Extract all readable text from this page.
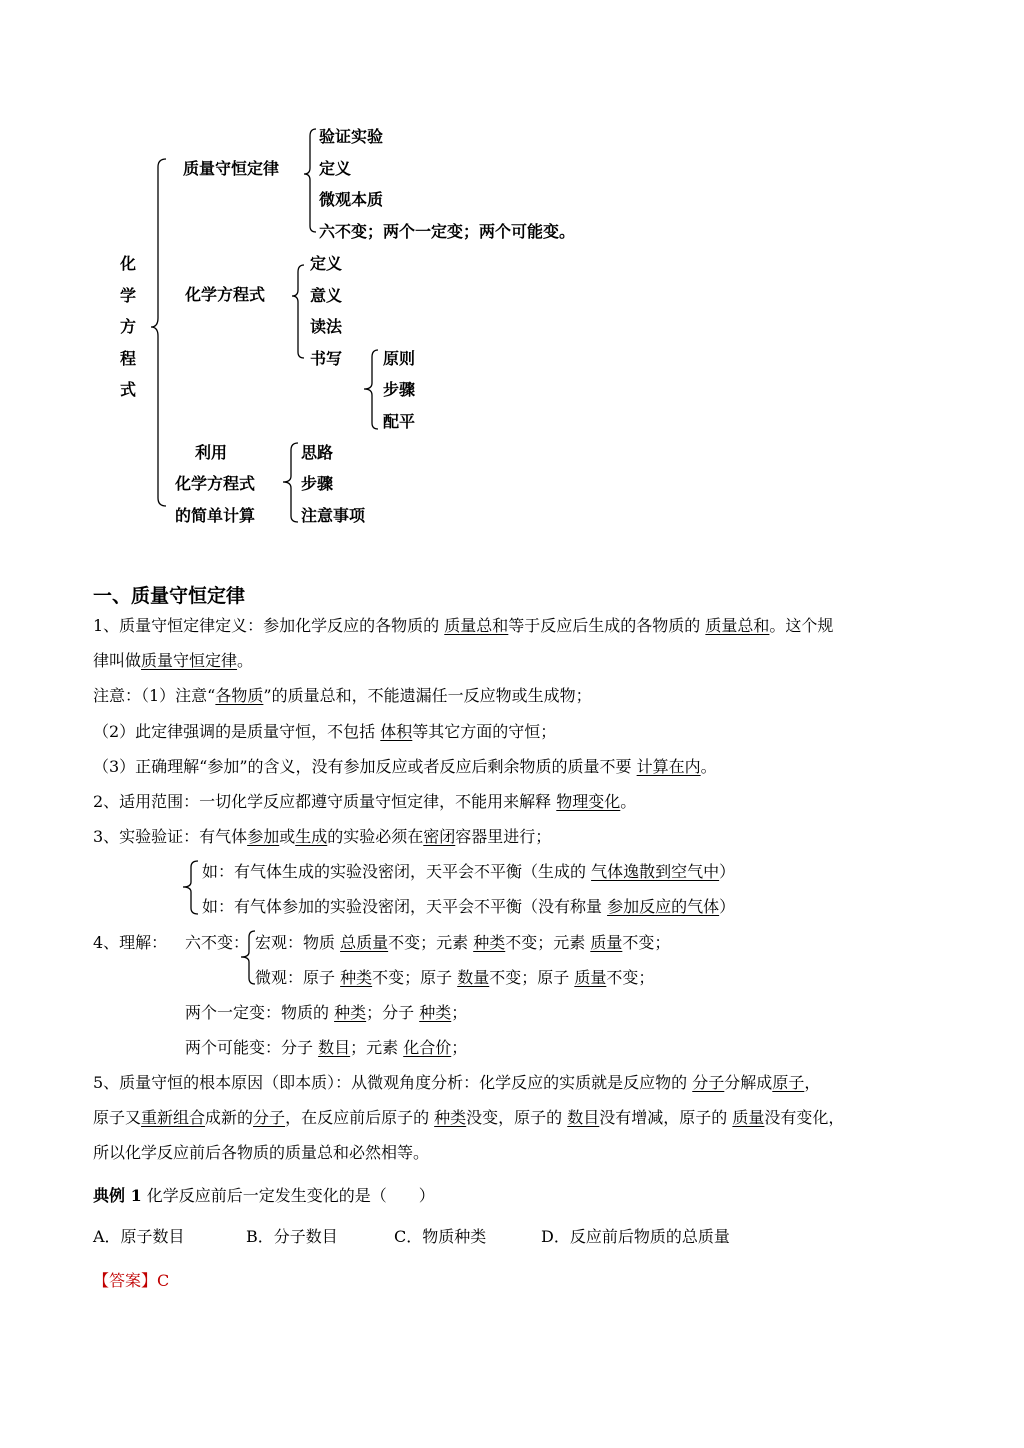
化
学
方
程
式
质量守恒定律
验证实验
定义
微观本质
六不变；两个一定变；两个可能变。
化学方程式
定义
意义
读法
书写	原则
步骤
配平
利用
化学方程式
的简单计算
思路
步骤
注意事项
一、质量守恒定律
1、质量守恒定律定义：参加化学反应的各物质的 质量总和等于反应后生成的各物质的 质量总和。这个规
律叫做质量守恒定律。
注意：（1）注意“各物质”的质量总和，不能遗漏任一反应物或生成物；
（2）此定律强调的是质量守恒，不包括 体积等其它方面的守恒；
（3）正确理解“参加”的含义，没有参加反应或者反应后剩余物质的质量不要 计算在内。
2、适用范围：一切化学反应都遵守质量守恒定律，不能用来解释 物理变化。
3、实验验证：有气体参加或生成的实验必须在密闭容器里进行；
如：有气体生成的实验没密闭，天平会不平衡（生成的 气体逸散到空气中）
如：有气体参加的实验没密闭，天平会不平衡（没有称量 参加反应的气体）
4、理解： 六不变： 宏观：物质 总质量不变；元素 种类不变；元素 质量不变；
微观：原子 种类不变；原子 数量不变；原子 质量不变；
两个一定变：物质的 种类；分子 种类；
两个可能变：分子 数目；元素 化合价；
5、质量守恒的根本原因（即本质）：从微观角度分析：化学反应的实质就是反应物的 分子分解成原子，
原子又重新组合成新的分子，在反应前后原子的 种类没变，原子的 数目没有增减，原子的 质量没有变化，
所以化学反应前后各物质的质量总和必然相等。
典例 1 化学反应前后一定发生变化的是（　　）
A．原子数目	B．分子数目	C．物质种类	D．反应前后物质的总质量
【答案】C
